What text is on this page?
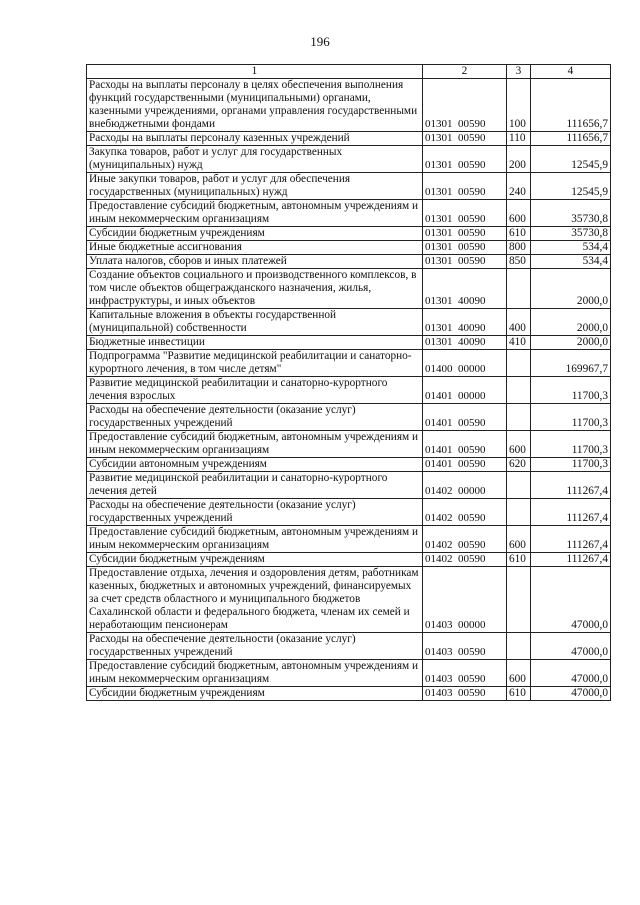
196
1	2	3	4
Расходы на выплаты персоналу в целях обеспечения выполнения функций государственными (муниципальными) органами, казенными учреждениями, органами управления государственными внебюджетными фондами	01301  00590	100	111656,7
Расходы на выплаты персоналу казенных учреждений	01301  00590	110	111656,7
Закупка товаров, работ и услуг для государственных (муниципальных) нужд	01301  00590	200	12545,9
Иные закупки товаров, работ и услуг для обеспечения государственных (муниципальных) нужд	01301  00590	240	12545,9
Предоставление субсидий бюджетным, автономным учреждениям и иным некоммерческим организациям	01301  00590	600	35730,8
Субсидии бюджетным учреждениям	01301  00590	610	35730,8
Иные бюджетные ассигнования	01301  00590	800	534,4
Уплата налогов, сборов и иных платежей	01301  00590	850	534,4
Создание объектов социального и производственного комплексов, в том числе объектов общегражданского назначения, жилья, инфраструктуры, и иных объектов	01301  40090		2000,0
Капитальные вложения в объекты государственной (муниципальной) собственности	01301  40090	400	2000,0
Бюджетные инвестиции	01301  40090	410	2000,0
Подпрограмма "Развитие медицинской реабилитации и санаторно-курортного лечения, в том числе детям"	01400  00000		169967,7
Развитие медицинской реабилитации и санаторно-курортного лечения взрослых	01401  00000		11700,3
Расходы на обеспечение деятельности (оказание услуг) государственных учреждений	01401  00590		11700,3
Предоставление субсидий бюджетным, автономным учреждениям и иным некоммерческим организациям	01401  00590	600	11700,3
Субсидии автономным учреждениям	01401  00590	620	11700,3
Развитие медицинской реабилитации и санаторно-курортного лечения детей	01402  00000		111267,4
Расходы на обеспечение деятельности (оказание услуг) государственных учреждений	01402  00590		111267,4
Предоставление субсидий бюджетным, автономным учреждениям и иным некоммерческим организациям	01402  00590	600	111267,4
Субсидии бюджетным учреждениям	01402  00590	610	111267,4
Предоставление отдыха, лечения и оздоровления детям, работникам казенных, бюджетных и автономных учреждений, финансируемых за счет средств областного и муниципального бюджетов Сахалинской области и федерального бюджета, членам их семей и неработающим пенсионерам	01403  00000		47000,0
Расходы на обеспечение деятельности (оказание услуг) государственных учреждений	01403  00590		47000,0
Предоставление субсидий бюджетным, автономным учреждениям и иным некоммерческим организациям	01403  00590	600	47000,0
Субсидии бюджетным учреждениям	01403  00590	610	47000,0
